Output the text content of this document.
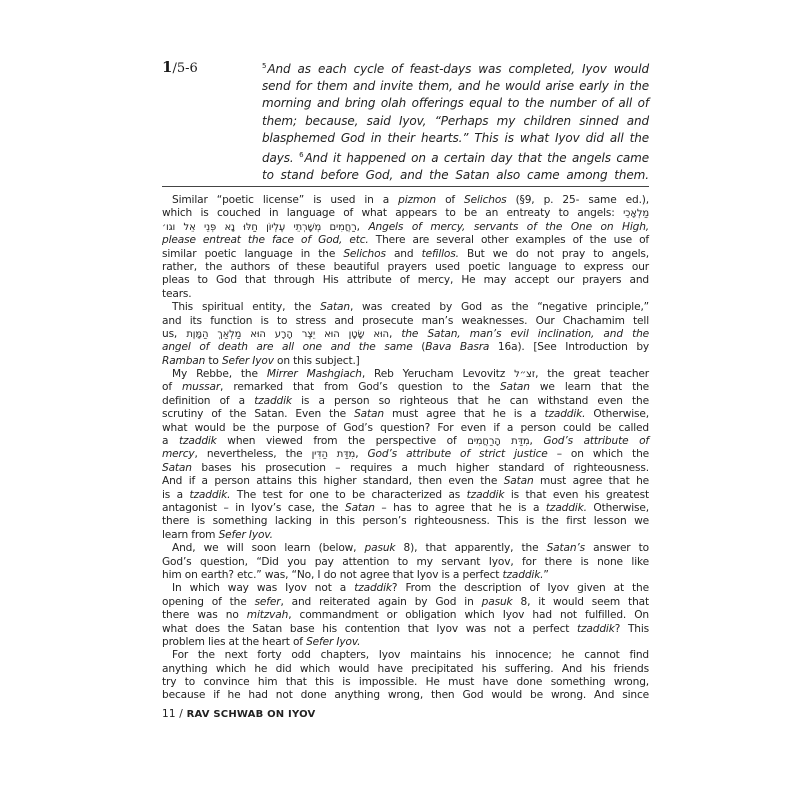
1/5-6	$^5$And as each cycle of feast-days was completed, Iyov would
send for them and invite them, and he would arise early in the
morning and bring olah offerings equal to the number of all of
them; because, said Iyov, “Perhaps my children sinned and
blasphemed God in their hearts.” This is what Iyov did all the
days. $^6$And it happened on a certain day that the angels came
to stand before God, and the Satan also came among them.
Similar “poetic license” is used in a pizmon of Selichos (§9, p. 25- same ed.),
which is couched in language of what appears to be an entreaty to angels: מַלְאָכֵי
רַחֲמִים מְשָׁרְתֵי עֶלְיוֹן חַלּוּ נָא פְּנֵי אֵל וגו׳, Angels of mercy, servants of the One on High,
please entreat the face of God, etc. There are several other examples of the use of
similar poetic language in the Selichos and tefillos. But we do not pray to angels,
rather, the authors of these beautiful prayers used poetic language to express our
pleas to God that through His attribute of mercy, He may accept our prayers and
tears.
This spiritual entity, the Satan, was created by God as the “negative principle,”
and its function is to stress and prosecute man’s weaknesses. Our Chachamim tell
us, הוּא שָׂטָן הוּא יֵצֶר הָרָע הוּא מַלְאַךְ הַמָּוֶת, the Satan, man’s evil inclination, and the
angel of death are all one and the same (Bava Basra 16a). [See Introduction by
Ramban to Sefer Iyov on this subject.]
My Rebbe, the Mirrer Mashgiach, Reb Yerucham Levovitz זצ״ל, the great teacher
of mussar, remarked that from God’s question to the Satan we learn that the
definition of a tzaddik is a person so righteous that he can withstand even the
scrutiny of the Satan. Even the Satan must agree that he is a tzaddik. Otherwise,
what would be the purpose of God’s question? For even if a person could be called
a tzaddik when viewed from the perspective of מִדַּת הָרַחֲמִים, God’s attribute of
mercy, nevertheless, the מִדַּת הַדִּין, God’s attribute of strict justice – on which the
Satan bases his prosecution – requires a much higher standard of righteousness.
And if a person attains this higher standard, then even the Satan must agree that he
is a tzaddik. The test for one to be characterized as tzaddik is that even his greatest
antagonist – in Iyov’s case, the Satan – has to agree that he is a tzaddik. Otherwise,
there is something lacking in this person’s righteousness. This is the first lesson we
learn from Sefer Iyov.
And, we will soon learn (below, pasuk 8), that apparently, the Satan’s answer to
God’s question, “Did you pay attention to my servant Iyov, for there is none like
him on earth? etc.” was, “No, I do not agree that Iyov is a perfect tzaddik.”
In which way was Iyov not a tzaddik? From the description of Iyov given at the
opening of the sefer, and reiterated again by God in pasuk 8, it would seem that
there was no mitzvah, commandment or obligation which Iyov had not fulfilled. On
what does the Satan base his contention that Iyov was not a perfect tzaddik? This
problem lies at the heart of Sefer Iyov.
For the next forty odd chapters, Iyov maintains his innocence; he cannot find
anything which he did which would have precipitated his suffering. And his friends
try to convince him that this is impossible. He must have done something wrong,
because if he had not done anything wrong, then God would be wrong. And since
11 / RAV SCHWAB ON IYOV
